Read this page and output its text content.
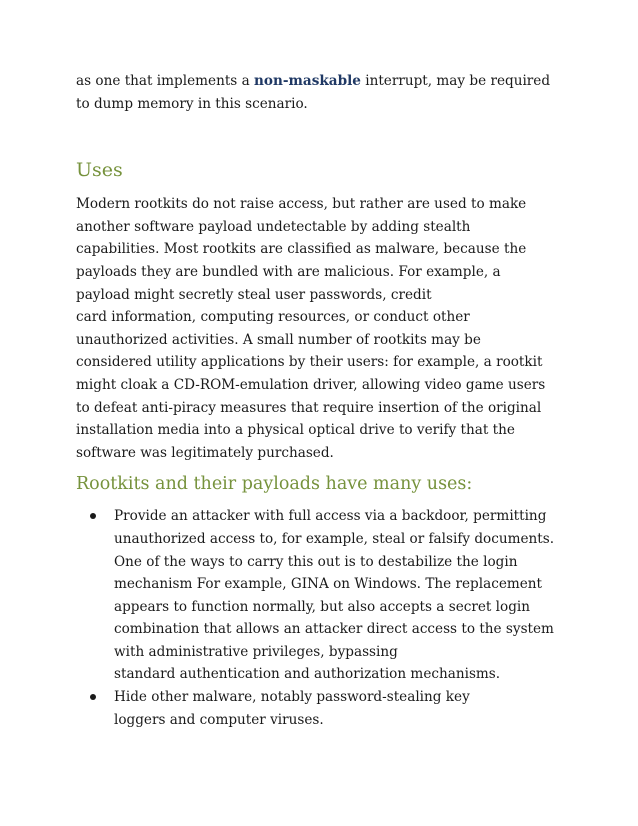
as one that implements a non-maskable interrupt, may be required
to dump memory in this scenario.

Uses

Modern rootkits do not raise access, but rather are used to make
another software payload undetectable by adding stealth
capabilities. Most rootkits are classified as malware, because the
payloads they are bundled with are malicious. For example, a
payload might secretly steal user passwords, credit
card information, computing resources, or conduct other
unauthorized activities. A small number of rootkits may be
considered utility applications by their users: for example, a rootkit
might cloak a CD-ROM-emulation driver, allowing video game users
to defeat anti-piracy measures that require insertion of the original
installation media into a physical optical drive to verify that the
software was legitimately purchased.

Rootkits and their payloads have many uses:
Provide an attacker with full access via a backdoor, permitting
unauthorized access to, for example, steal or falsify documents.
One of the ways to carry this out is to destabilize the login
mechanism For example, GINA on Windows. The replacement
appears to function normally, but also accepts a secret login
combination that allows an attacker direct access to the system
with administrative privileges, bypassing
standard authentication and authorization mechanisms.
Hide other malware, notably password-stealing key
loggers and computer viruses.
